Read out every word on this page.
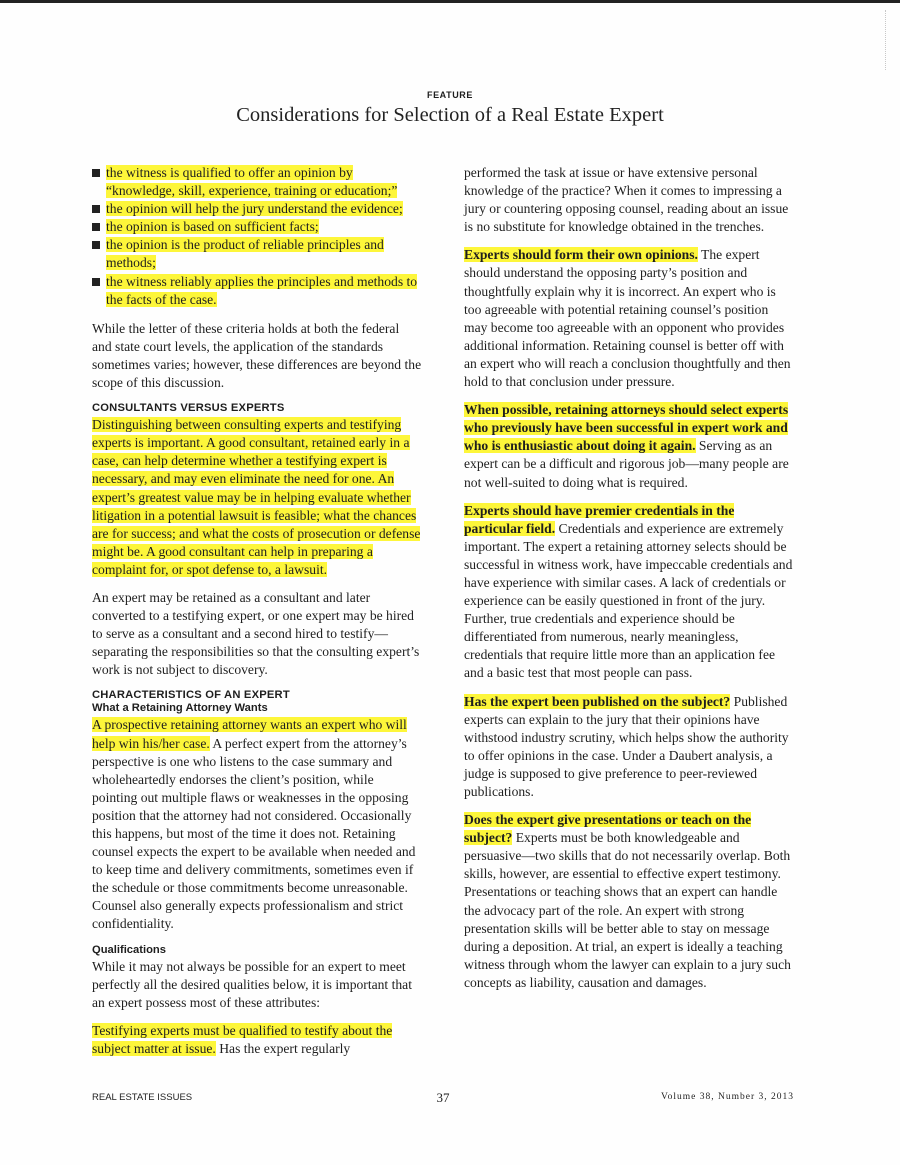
FEATURE
Considerations for Selection of a Real Estate Expert
the witness is qualified to offer an opinion by “knowledge, skill, experience, training or education;”
the opinion will help the jury understand the evidence;
the opinion is based on sufficient facts;
the opinion is the product of reliable principles and methods;
the witness reliably applies the principles and methods to the facts of the case.

While the letter of these criteria holds at both the federal and state court levels, the application of the standards sometimes varies; however, these differences are beyond the scope of this discussion.

CONSULTANTS VERSUS EXPERTS

Distinguishing between consulting experts and testifying experts is important. A good consultant, retained early in a case, can help determine whether a testifying expert is necessary, and may even eliminate the need for one. An expert’s greatest value may be in helping evaluate whether litigation in a potential lawsuit is feasible; what the chances are for success; and what the costs of prosecution or defense might be. A good consultant can help in preparing a complaint for, or spot defense to, a lawsuit.

An expert may be retained as a consultant and later converted to a testifying expert, or one expert may be hired to serve as a consultant and a second hired to testify—separating the responsibilities so that the consulting expert’s work is not subject to discovery.

CHARACTERISTICS OF AN EXPERT
What a Retaining Attorney Wants

A prospective retaining attorney wants an expert who will help win his/her case. A perfect expert from the attorney’s perspective is one who listens to the case summary and wholeheartedly endorses the client’s position, while pointing out multiple flaws or weaknesses in the opposing position that the attorney had not considered. Occasionally this happens, but most of the time it does not. Retaining counsel expects the expert to be available when needed and to keep time and delivery commitments, sometimes even if the schedule or those commitments become unreasonable. Counsel also generally expects professionalism and strict confidentiality.

Qualifications

While it may not always be possible for an expert to meet perfectly all the desired qualities below, it is important that an expert possess most of these attributes:

Testifying experts must be qualified to testify about the subject matter at issue. Has the expert regularly

performed the task at issue or have extensive personal knowledge of the practice? When it comes to impressing a jury or countering opposing counsel, reading about an issue is no substitute for knowledge obtained in the trenches.

Experts should form their own opinions. The expert should understand the opposing party’s position and thoughtfully explain why it is incorrect. An expert who is too agreeable with potential retaining counsel’s position may become too agreeable with an opponent who provides additional information. Retaining counsel is better off with an expert who will reach a conclusion thoughtfully and then hold to that conclusion under pressure.

When possible, retaining attorneys should select experts who previously have been successful in expert work and who is enthusiastic about doing it again. Serving as an expert can be a difficult and rigorous job—many people are not well-suited to doing what is required.

Experts should have premier credentials in the particular field. Credentials and experience are extremely important. The expert a retaining attorney selects should be successful in witness work, have impeccable credentials and have experience with similar cases. A lack of credentials or experience can be easily questioned in front of the jury. Further, true credentials and experience should be differentiated from numerous, nearly meaningless, credentials that require little more than an application fee and a basic test that most people can pass.

Has the expert been published on the subject? Published experts can explain to the jury that their opinions have withstood industry scrutiny, which helps show the authority to offer opinions in the case. Under a Daubert analysis, a judge is supposed to give preference to peer-reviewed publications.

Does the expert give presentations or teach on the subject? Experts must be both knowledgeable and persuasive—two skills that do not necessarily overlap. Both skills, however, are essential to effective expert testimony. Presentations or teaching shows that an expert can handle the advocacy part of the role. An expert with strong presentation skills will be better able to stay on message during a deposition. At trial, an expert is ideally a teaching witness through whom the lawyer can explain to a jury such concepts as liability, causation and damages.

REAL ESTATE ISSUES	37	Volume 38, Number 3, 2013
